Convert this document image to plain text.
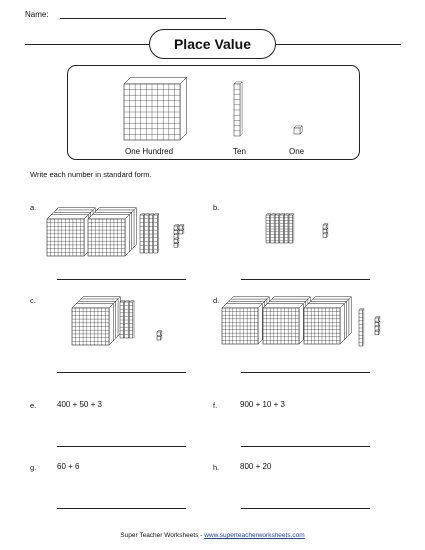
Name:
Place Value
One Hundred	Ten	One
Write each number in standard form.
a.	b.
c.	d.
e.	f.
g.	h.
400 + 50 + 3	900 + 10 + 3
60 + 6	800 + 20
Super Teacher Worksheets - www.superteacherworksheets.com
